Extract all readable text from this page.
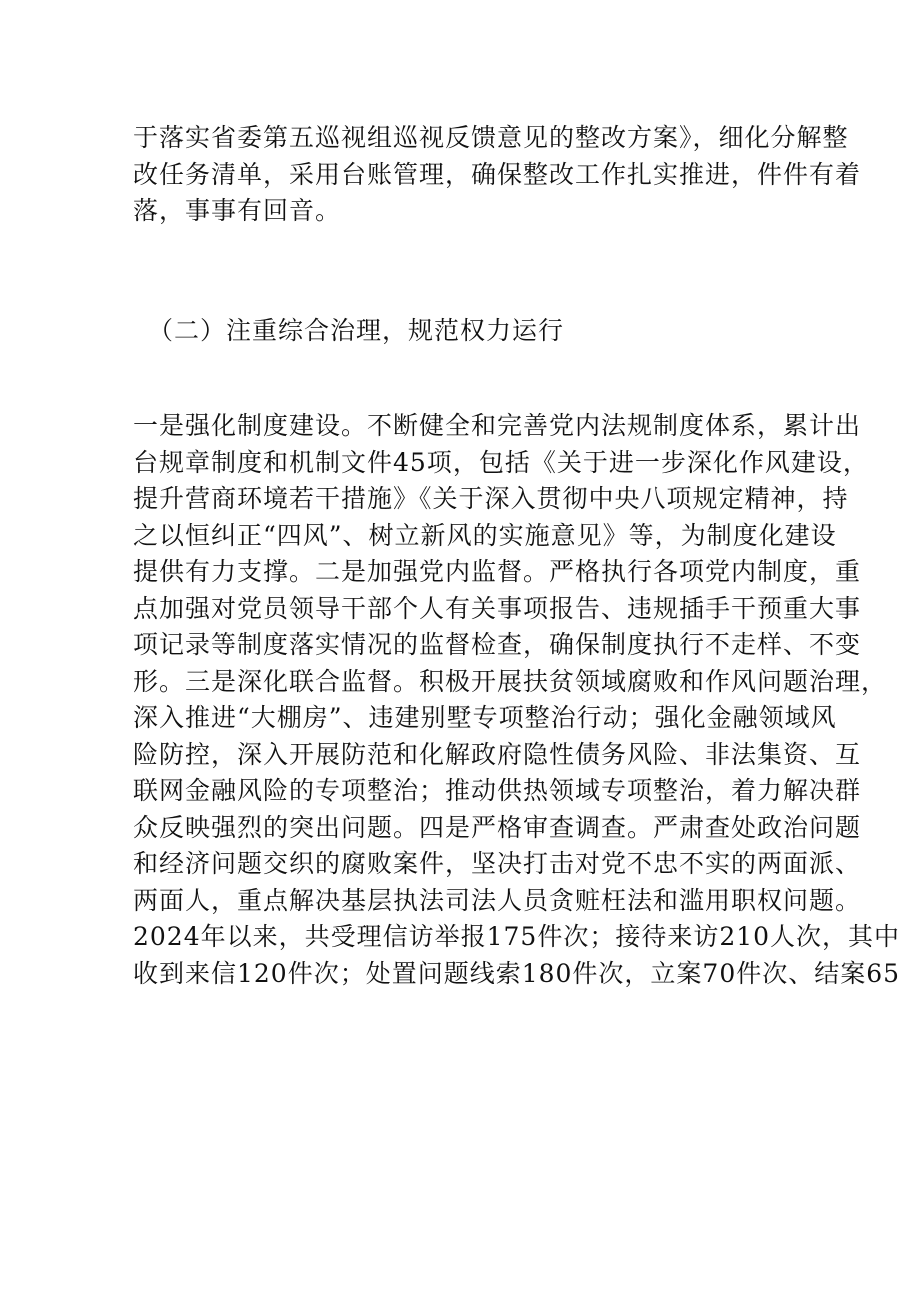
于落实省委第五巡视组巡视反馈意见的整改方案》，细化分解整
改任务清单，采用台账管理，确保整改工作扎实推进，件件有着
落，事事有回音。

（二）注重综合治理，规范权力运行

一是强化制度建设。不断健全和完善党内法规制度体系，累计出
台规章制度和机制文件45项，包括《关于进一步深化作风建设，
提升营商环境若干措施》《关于深入贯彻中央八项规定精神，持
之以恒纠正“四风”、树立新风的实施意见》等，为制度化建设
提供有力支撑。二是加强党内监督。严格执行各项党内制度，重
点加强对党员领导干部个人有关事项报告、违规插手干预重大事
项记录等制度落实情况的监督检查，确保制度执行不走样、不变
形。三是深化联合监督。积极开展扶贫领域腐败和作风问题治理，
深入推进“大棚房”、违建别墅专项整治行动；强化金融领域风
险防控，深入开展防范和化解政府隐性债务风险、非法集资、互
联网金融风险的专项整治；推动供热领域专项整治，着力解决群
众反映强烈的突出问题。四是严格审查调查。严肃查处政治问题
和经济问题交织的腐败案件，坚决打击对党不忠不实的两面派、
两面人，重点解决基层执法司法人员贪赃枉法和滥用职权问题。
2024年以来，共受理信访举报175件次；接待来访210人次，其中
收到来信120件次；处置问题线索180件次，立案70件次、结案65
